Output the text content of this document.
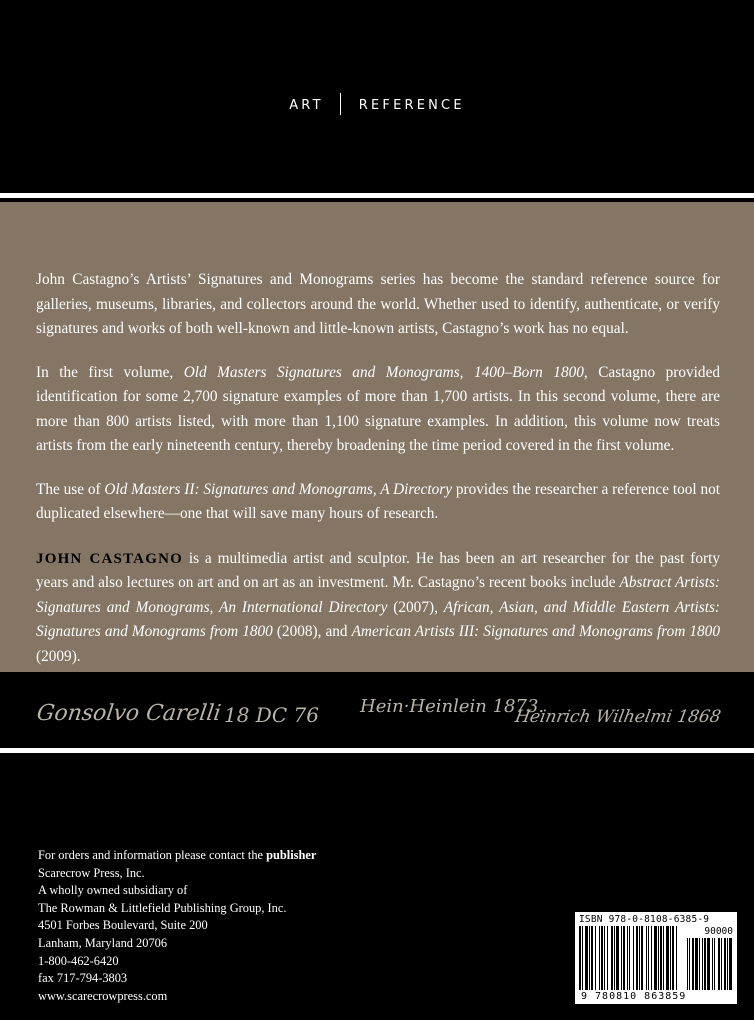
ART	REFERENCE

John Castagno’s Artists’ Signatures and Monograms series has become the standard reference source for galleries, museums, libraries, and collectors around the world. Whether used to identify, authenticate, or verify signatures and works of both well-known and little-known artists, Castagno’s work has no equal.

In the first volume, Old Masters Signatures and Monograms, 1400–Born 1800, Castagno provided identification for some 2,700 signature examples of more than 1,700 artists. In this second volume, there are more than 800 artists listed, with more than 1,100 signature examples. In addition, this volume now treats artists from the early nineteenth century, thereby broadening the time period covered in the first volume.

The use of Old Masters II: Signatures and Monograms, A Directory provides the researcher a reference tool not duplicated elsewhere—one that will save many hours of research.

JOHN CASTAGNO is a multimedia artist and sculptor. He has been an art researcher for the past forty years and also lectures on art and on art as an investment. Mr. Castagno’s recent books include Abstract Artists: Signatures and Monograms, An International Directory (2007), African, Asian, and Middle Eastern Artists: Signatures and Monograms from 1800 (2008), and American Artists III: Signatures and Monograms from 1800 (2009).

Gonsolvo Carelli 18 DC 76 Hein·Heinlein 1873.
Heinrich Wilhelmi 1868
For orders and information please contact the publisher
Scarecrow Press, Inc.
A wholly owned subsidiary of
The Rowman & Littlefield Publishing Group, Inc.
4501 Forbes Boulevard, Suite 200
Lanham, Maryland 20706
1-800-462-6420
fax 717-794-3803
www.scarecrowpress.com
ISBN 978-0-8108-6385-9
90000
9 780810 863859
